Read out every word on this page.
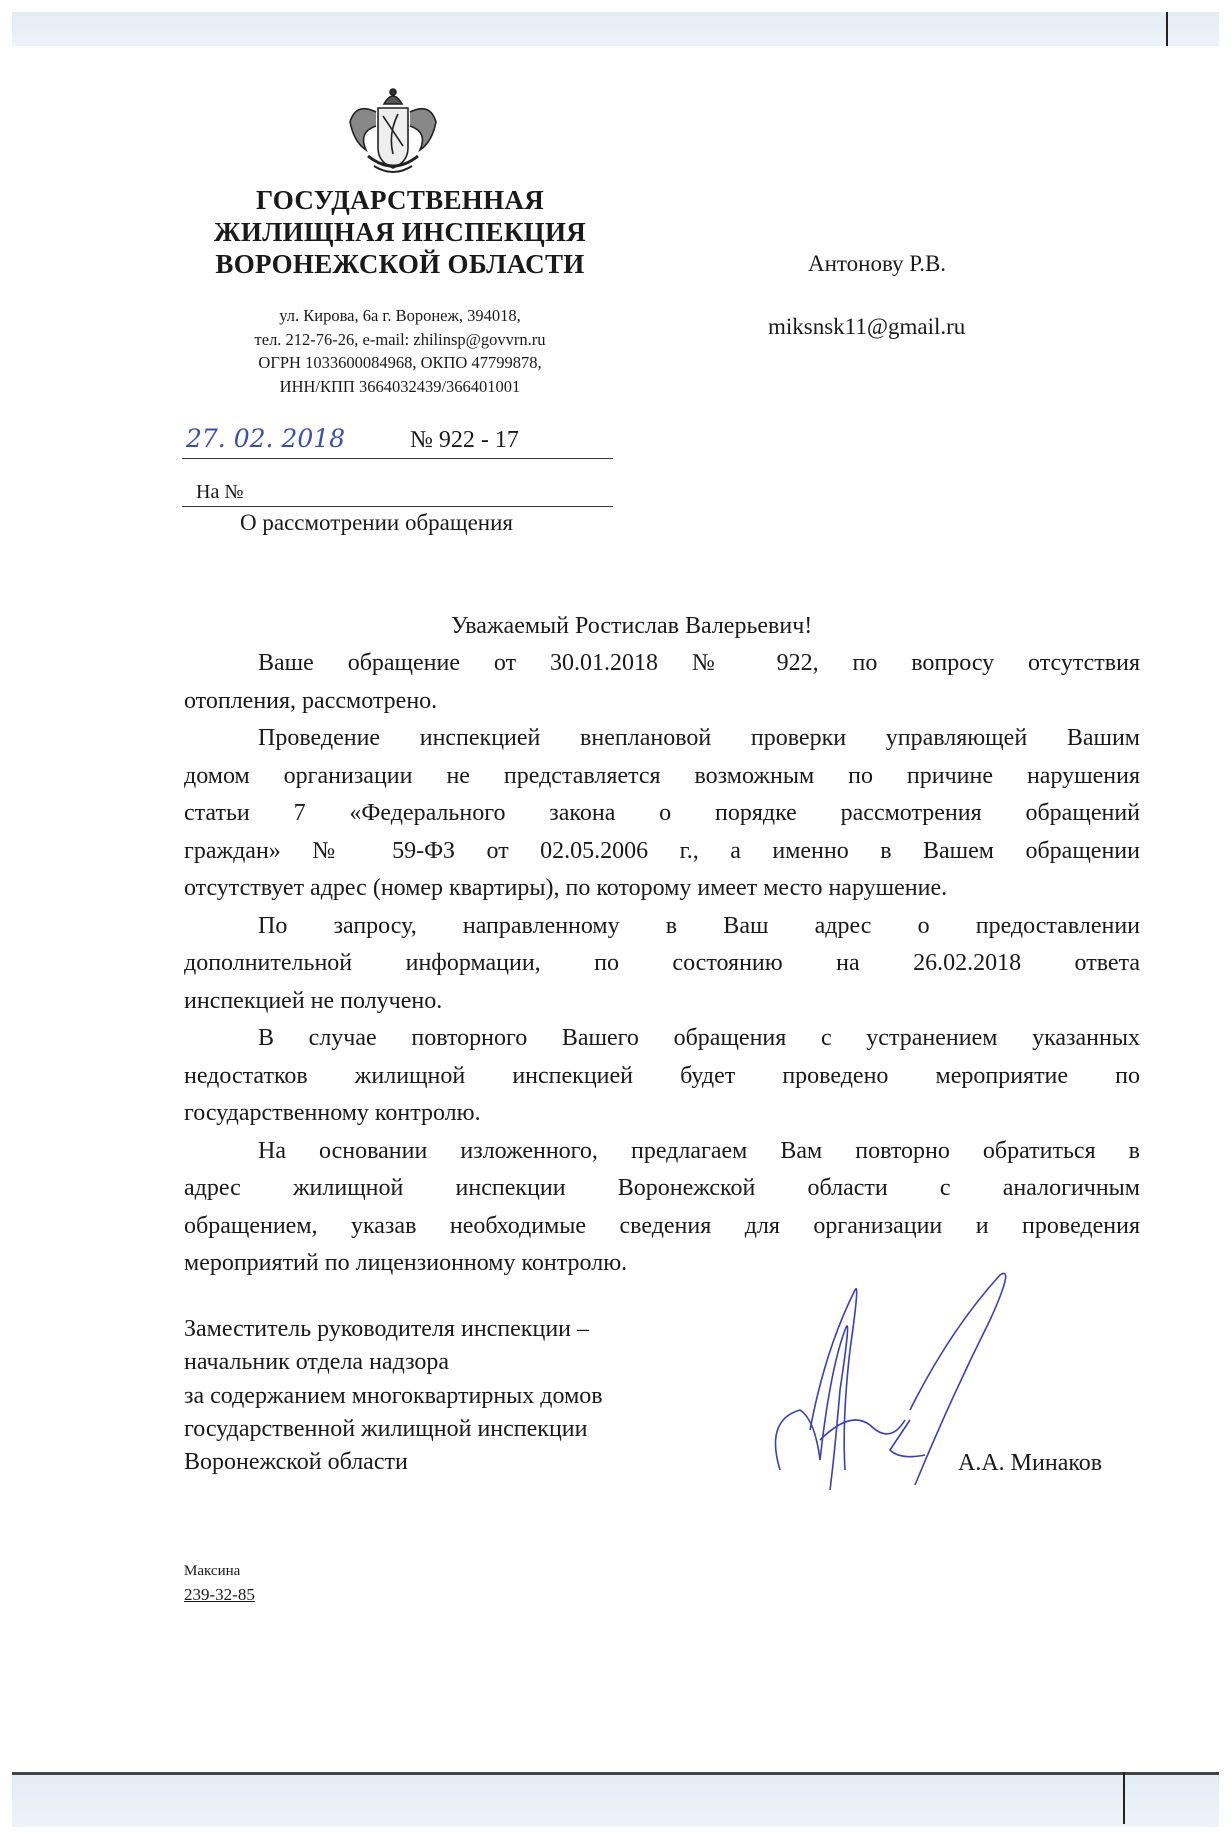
ГОСУДАРСТВЕННАЯ
ЖИЛИЩНАЯ ИНСПЕКЦИЯ
ВОРОНЕЖСКОЙ ОБЛАСТИ
ул. Кирова, 6а г. Воронеж, 394018,
тел. 212-76-26, e-mail: zhilinsp@govvrn.ru
ОГРН 1033600084968, ОКПО 47799878,
ИНН/КПП 3664032439/366401001
Антонову Р.В.
miksnsk11@gmail.ru
27. 02. 2018	№ 922 - 17
На №
О рассмотрении обращения
Уважаемый Ростислав Валерьевич!
Ваше обращение от 30.01.2018 № 922, по вопросу отсутствия
отопления, рассмотрено.
Проведение инспекцией внеплановой проверки управляющей Вашим
домом организации не представляется возможным по причине нарушения
статьи 7 «Федерального закона о порядке рассмотрения обращений
граждан» № 59-ФЗ от 02.05.2006 г., а именно в Вашем обращении
отсутствует адрес (номер квартиры), по которому имеет место нарушение.
По запросу, направленному в Ваш адрес о предоставлении
дополнительной информации, по состоянию на 26.02.2018 ответа
инспекцией не получено.
В случае повторного Вашего обращения с устранением указанных
недостатков жилищной инспекцией будет проведено мероприятие по
государственному контролю.
На основании изложенного, предлагаем Вам повторно обратиться в
адрес жилищной инспекции Воронежской области с аналогичным
обращением, указав необходимые сведения для организации и проведения
мероприятий по лицензионному контролю.
Заместитель руководителя инспекции –
начальник отдела надзора
за содержанием многоквартирных домов
государственной жилищной инспекции
Воронежской области	А.А. Минаков
Максина
239-32-85
